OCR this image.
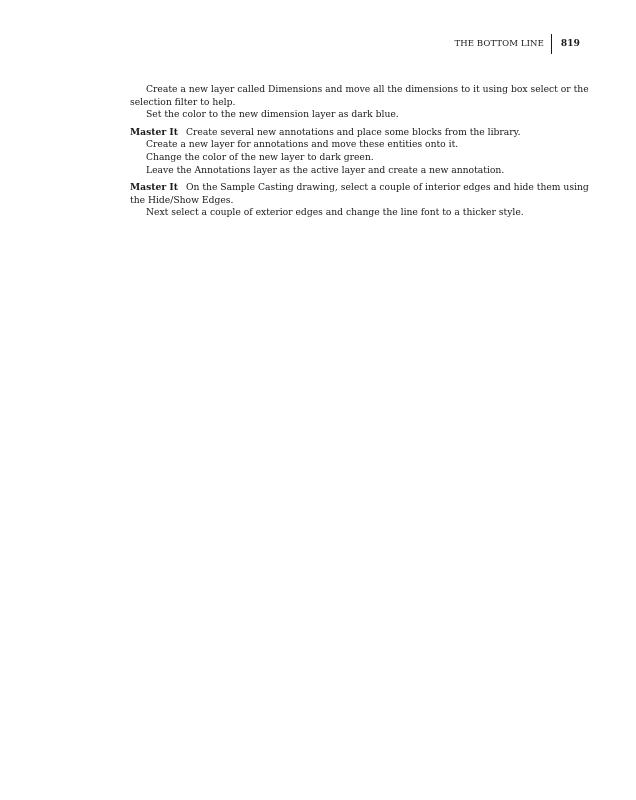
THE BOTTOM LINE	819

Create a new layer called Dimensions and move all the dimensions to it using box select or the selection filter to help.

Set the color to the new dimension layer as dark blue.

Master It Create several new annotations and place some blocks from the library.

Create a new layer for annotations and move these entities onto it.

Change the color of the new layer to dark green.

Leave the Annotations layer as the active layer and create a new annotation.

Master It On the Sample Casting drawing, select a couple of interior edges and hide them using the Hide/Show Edges.

Next select a couple of exterior edges and change the line font to a thicker style.
